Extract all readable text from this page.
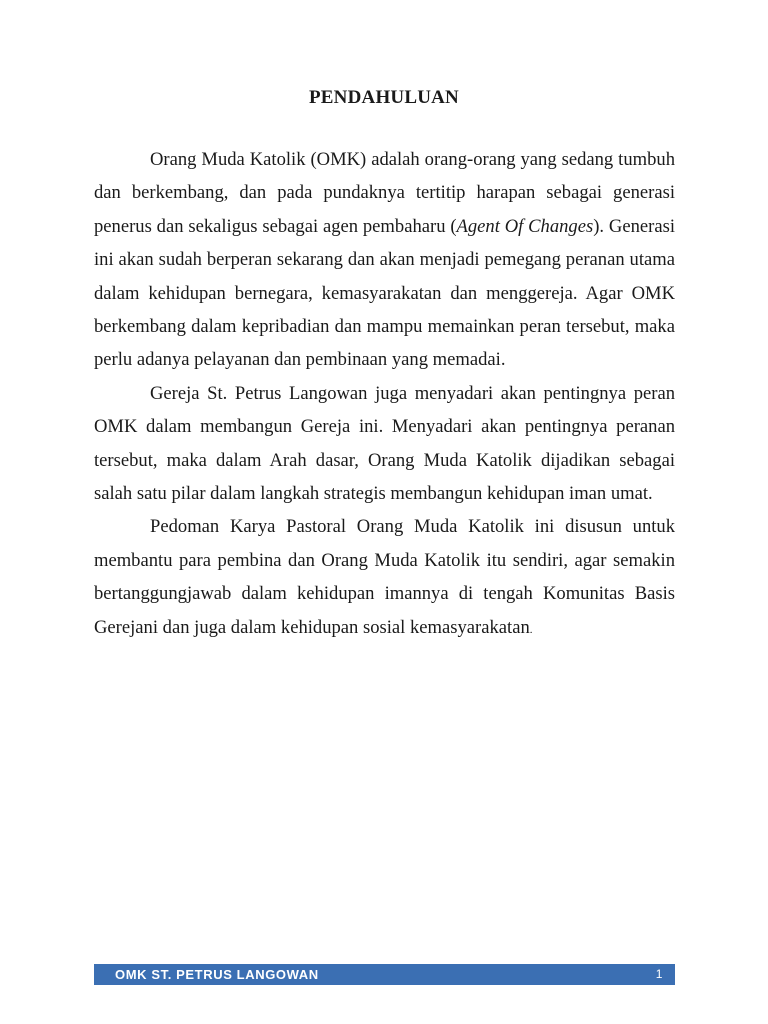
PENDAHULUAN

Orang Muda Katolik (OMK) adalah orang-orang yang sedang tumbuh dan berkembang, dan pada pundaknya tertitip harapan sebagai generasi penerus dan sekaligus sebagai agen pembaharu (Agent Of Changes). Generasi ini akan sudah berperan sekarang dan akan menjadi pemegang peranan utama dalam kehidupan bernegara, kemasyarakatan dan menggereja. Agar OMK berkembang dalam kepribadian dan mampu memainkan peran tersebut, maka perlu adanya pelayanan dan pembinaan yang memadai.

Gereja St. Petrus Langowan juga menyadari akan pentingnya peran OMK dalam membangun Gereja ini. Menyadari akan pentingnya peranan tersebut, maka dalam Arah dasar, Orang Muda Katolik dijadikan sebagai salah satu pilar dalam langkah strategis membangun kehidupan iman umat.

Pedoman Karya Pastoral Orang Muda Katolik ini disusun untuk membantu para pembina dan Orang Muda Katolik itu sendiri, agar semakin bertanggungjawab dalam kehidupan imannya di tengah Komunitas Basis Gerejani dan juga dalam kehidupan sosial kemasyarakatan.

OMK ST. PETRUS LANGOWAN	1
